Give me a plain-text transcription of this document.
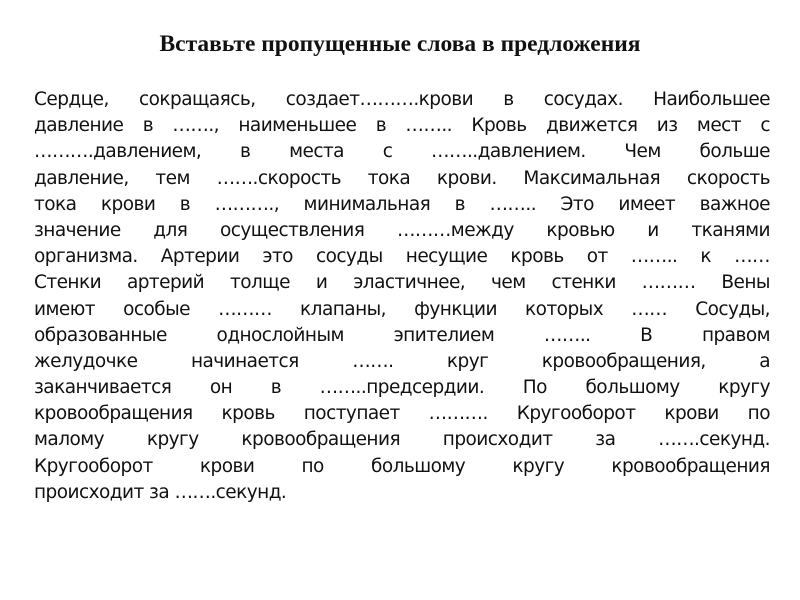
Вставьте пропущенные слова в предложения
Сердце, сокращаясь, создает……….крови в сосудах. Наибольшее
давление в ……., наименьшее в …….. Кровь движется из мест с
……….давлением, в места с ……..давлением. Чем больше
давление, тем …….скорость тока крови. Максимальная скорость
тока крови в ………., минимальная в …….. Это имеет важное
значение для осуществления ………между кровью и тканями
организма. Артерии это сосуды несущие кровь от …….. к ……
Стенки артерий толще и эластичнее, чем стенки ……… Вены
имеют особые ……… клапаны, функции которых …… Сосуды,
образованные однослойным эпителием …….. В правом
желудочке начинается ……. круг кровообращения, а
заканчивается он в ……..предсердии. По большому кругу
кровообращения кровь поступает ………. Кругооборот крови по
малому кругу кровообращения происходит за …….секунд.
Кругооборот крови по большому кругу кровообращения
происходит за …….секунд.
